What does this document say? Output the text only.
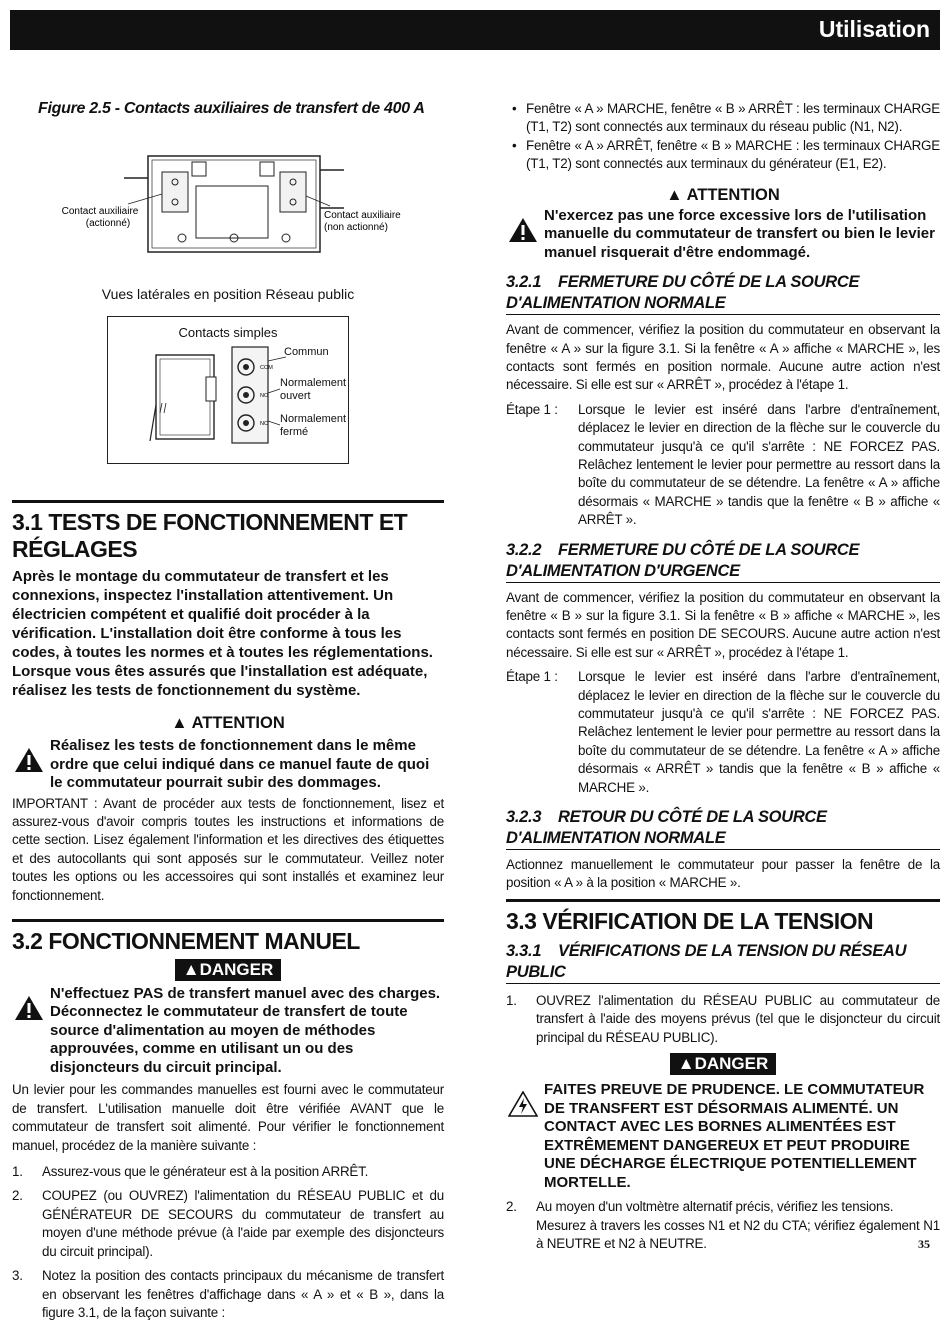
Utilisation
Figure 2.5 - Contacts auxiliaires de transfert de 400 A
Contact auxiliaire
(actionné)
Contact auxiliaire
(non actionné)
Vues latérales en position Réseau public
Contacts simples
COM
NO
NC
Commun
Normalement ouvert
Normalement fermé
3.1 TESTS DE FONCTIONNEMENT ET RÉGLAGES
Après le montage du commutateur de transfert et les connexions, inspectez l'installation attentivement. Un électricien compétent et qualifié doit procéder à la vérification. L'installation doit être conforme à tous les codes, à toutes les normes et à toutes les réglementations. Lorsque vous êtes assurés que l'installation est adéquate, réalisez les tests de fonctionnement du système.
▲ ATTENTION
Réalisez les tests de fonctionnement dans le même ordre que celui indiqué dans ce manuel faute de quoi le commutateur pourrait subir des dommages.
IMPORTANT : Avant de procéder aux tests de fonctionnement, lisez et assurez-vous d'avoir compris toutes les instructions et informations de cette section. Lisez également l'information et les directives des étiquettes et des autocollants qui sont apposés sur le commutateur. Veillez noter toutes les options ou les accessoires qui sont installés et examinez leur fonctionnement.
3.2 FONCTIONNEMENT MANUEL
▲DANGER
N'effectuez PAS de transfert manuel avec des charges. Déconnectez le commutateur de transfert de toute source d'alimentation au moyen de méthodes approuvées, comme en utilisant un ou des disjoncteurs du circuit principal.
Un levier pour les commandes manuelles est fourni avec le commutateur de transfert. L'utilisation manuelle doit être vérifiée AVANT que le commutateur de transfert soit alimenté. Pour vérifier le fonctionnement manuel, procédez de la manière suivante :
1. Assurez-vous que le générateur est à la position ARRÊT.
2. COUPEZ (ou OUVREZ) l'alimentation du RÉSEAU PUBLIC et du GÉNÉRATEUR DE SECOURS du commutateur de transfert au moyen d'une méthode prévue (à l'aide par exemple des disjoncteurs du circuit principal).
3. Notez la position des contacts principaux du mécanisme de transfert en observant les fenêtres d'affichage dans « A » et « B », dans la figure 3.1, de la façon suivante :
• Fenêtre « A » MARCHE, fenêtre « B » ARRÊT : les terminaux CHARGE (T1, T2) sont connectés aux terminaux du réseau public (N1, N2).
• Fenêtre « A » ARRÊT, fenêtre « B » MARCHE : les terminaux CHARGE (T1, T2) sont connectés aux terminaux du générateur (E1, E2).
▲ ATTENTION
N'exercez pas une force excessive lors de l'utilisation manuelle du commutateur de transfert ou bien le levier manuel risquerait d'être endommagé.
3.2.1 FERMETURE DU CÔTÉ DE LA SOURCE D'ALIMENTATION NORMALE
Avant de commencer, vérifiez la position du commutateur en observant la fenêtre « A » sur la figure 3.1. Si la fenêtre « A » affiche « MARCHE », les contacts sont fermés en position normale. Aucune autre action n'est nécessaire. Si elle est sur « ARRÊT », procédez à l'étape 1.
Étape 1 : Lorsque le levier est inséré dans l'arbre d'entraînement, déplacez le levier en direction de la flèche sur le couvercle du commutateur jusqu'à ce qu'il s'arrête : NE FORCEZ PAS. Relâchez lentement le levier pour permettre au ressort dans la boîte du commutateur de se détendre. La fenêtre « A » affiche désormais « MARCHE » tandis que la fenêtre « B » affiche « ARRÊT ».
3.2.2 FERMETURE DU CÔTÉ DE LA SOURCE D'ALIMENTATION D'URGENCE
Avant de commencer, vérifiez la position du commutateur en observant la fenêtre « B » sur la figure 3.1. Si la fenêtre « B » affiche « MARCHE », les contacts sont fermés en position DE SECOURS. Aucune autre action n'est nécessaire. Si elle est sur « ARRÊT », procédez à l'étape 1.
Étape 1 : Lorsque le levier est inséré dans l'arbre d'entraînement, déplacez le levier en direction de la flèche sur le couvercle du commutateur jusqu'à ce qu'il s'arrête : NE FORCEZ PAS. Relâchez lentement le levier pour permettre au ressort dans la boîte du commutateur de se détendre. La fenêtre « A » affiche désormais « ARRÊT » tandis que la fenêtre « B » affiche « MARCHE ».
3.2.3 RETOUR DU CÔTÉ DE LA SOURCE D'ALIMENTATION NORMALE
Actionnez manuellement le commutateur pour passer la fenêtre de la position « A » à la position « MARCHE ».
3.3 VÉRIFICATION DE LA TENSION
3.3.1 VÉRIFICATIONS DE LA TENSION DU RÉSEAU PUBLIC
1. OUVREZ l'alimentation du RÉSEAU PUBLIC au commutateur de transfert à l'aide des moyens prévus (tel que le disjoncteur du circuit principal du RÉSEAU PUBLIC).
▲DANGER
FAITES PREUVE DE PRUDENCE. LE COMMUTATEUR DE TRANSFERT EST DÉSORMAIS ALIMENTÉ. UN CONTACT AVEC LES BORNES ALIMENTÉES EST EXTRÊMEMENT DANGEREUX ET PEUT PRODUIRE UNE DÉCHARGE ÉLECTRIQUE POTENTIELLEMENT MORTELLE.
2. Au moyen d'un voltmètre alternatif précis, vérifiez les tensions.
Mesurez à travers les cosses N1 et N2 du CTA; vérifiez également N1 à NEUTRE et N2 à NEUTRE.	35
